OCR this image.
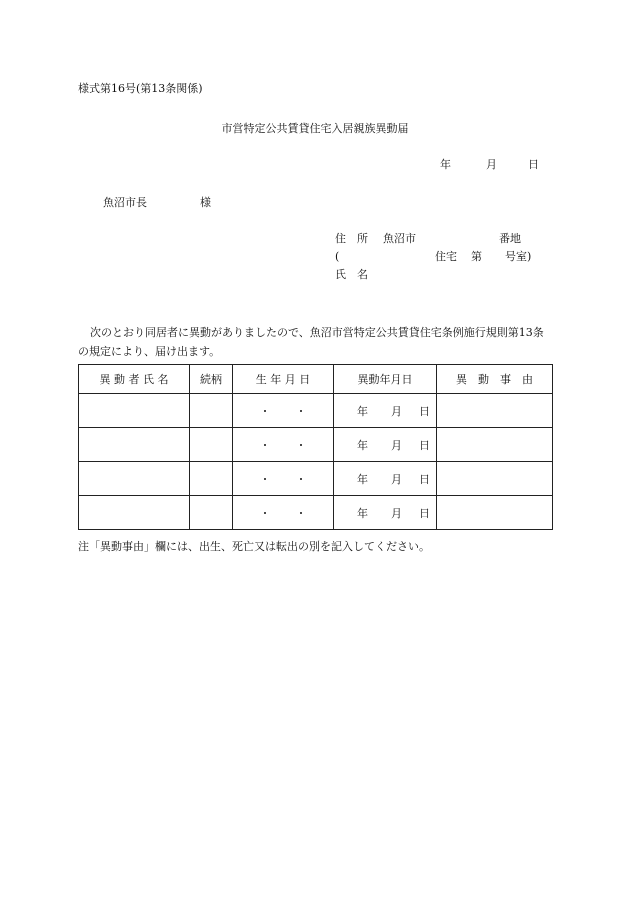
様式第16号(第13条関係)
市営特定公共賃貸住宅入居親族異動届
年	月	日
魚沼市長	様
住　所 魚沼市	番地
(	住宅 第 号室)
氏　名
次のとおり同居者に異動がありましたので、魚沼市営特定公共賃貸住宅条例施行規則第13条の規定により、届け出ます。
異 動 者 氏 名	続柄	生 年 月 日	異動年月日	異　動　事　由
		・ ・	年 月 日	
		・ ・	年 月 日	
		・ ・	年 月 日	
		・ ・	年 月 日	
注「異動事由」欄には、出生、死亡又は転出の別を記入してください。
